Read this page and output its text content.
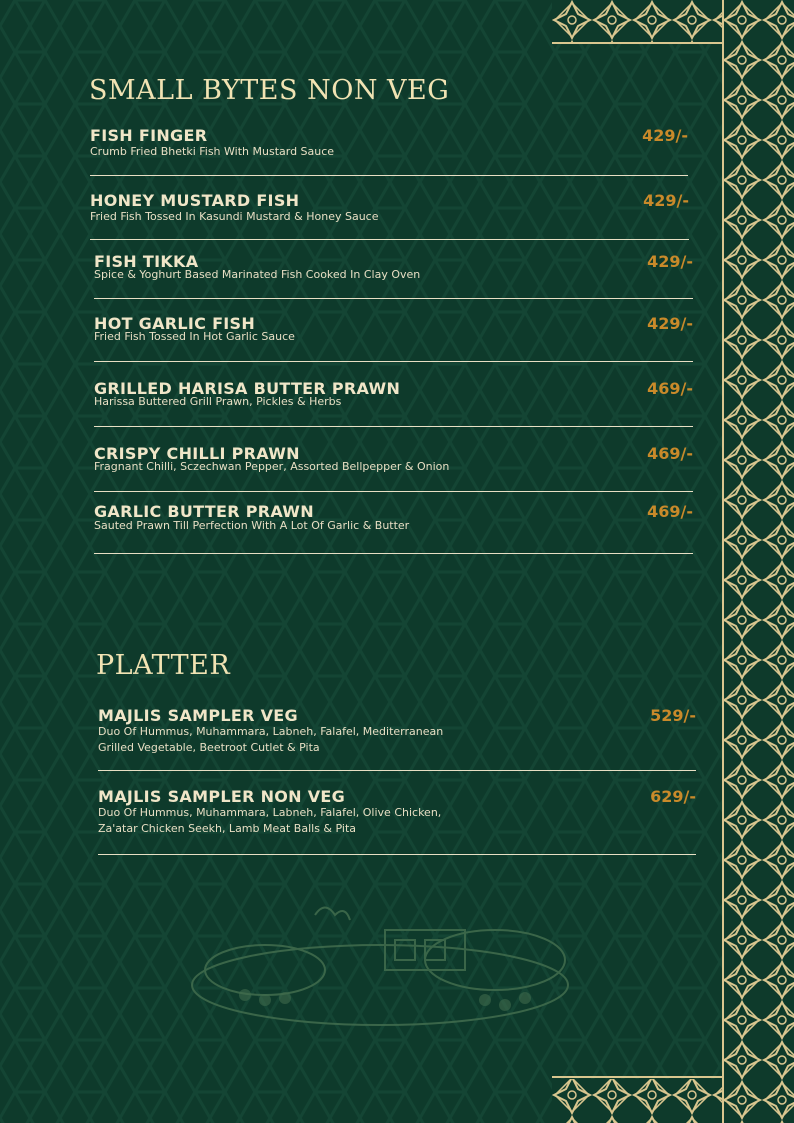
SMALL BYTES NON VEG
PLATTER
FISH FINGER	429/-
Crumb Fried Bhetki Fish With Mustard Sauce
HONEY MUSTARD FISH	429/-
Fried Fish Tossed In Kasundi Mustard & Honey Sauce
FISH TIKKA	429/-
Spice & Yoghurt Based Marinated Fish Cooked In Clay Oven
HOT GARLIC FISH	429/-
Fried Fish Tossed In Hot Garlic Sauce
GRILLED HARISA BUTTER PRAWN	469/-
Harissa Buttered Grill Prawn, Pickles & Herbs
CRISPY CHILLI PRAWN	469/-
Fragnant Chilli, Sczechwan Pepper, Assorted Bellpepper & Onion
GARLIC BUTTER PRAWN	469/-
Sauted Prawn Till Perfection With A Lot Of Garlic & Butter
MAJLIS SAMPLER VEG	529/-
Duo Of Hummus, Muhammara, Labneh, Falafel, Mediterranean
Grilled Vegetable, Beetroot Cutlet & Pita
MAJLIS SAMPLER NON VEG	629/-
Duo Of Hummus, Muhammara, Labneh, Falafel, Olive Chicken,
Za'atar Chicken Seekh, Lamb Meat Balls & Pita
